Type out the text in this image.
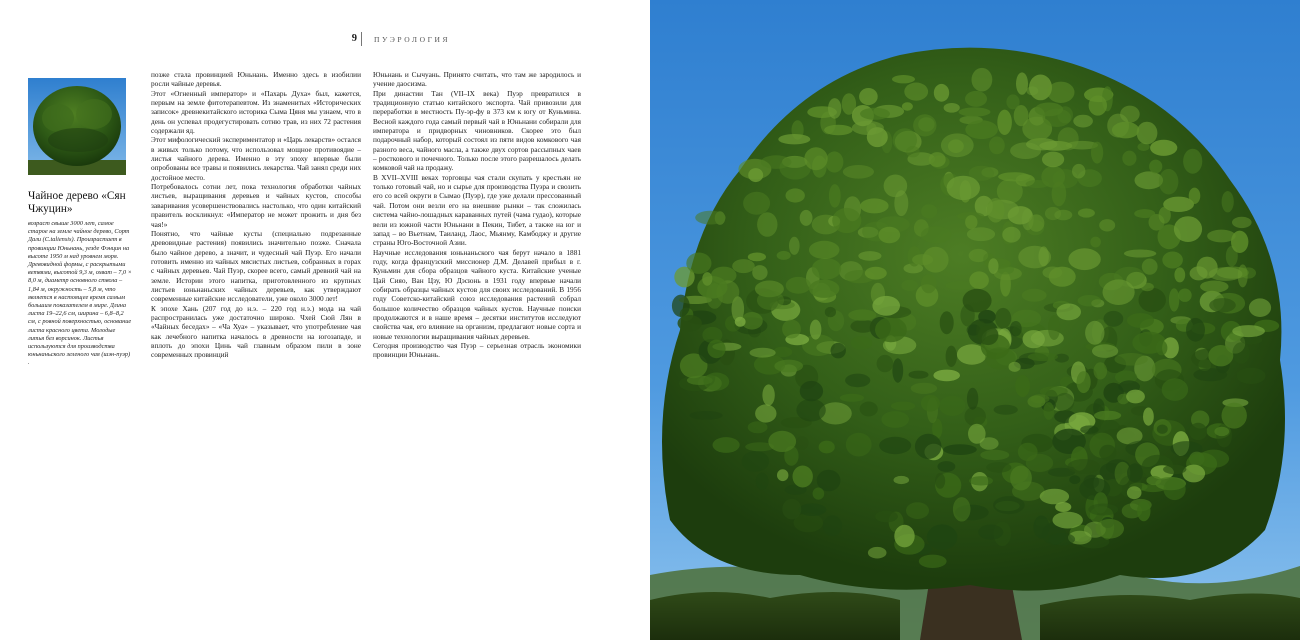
9 ПУЭРОЛОГИЯ
Чайное дерево «Сян Чжуцин»
возраст свыше 3000 лет, самое старое на земле чайное дерево, Сорт Дали (C.taliensis). Произрастает в провинции Юньнань, уезде Фэнцин на высоте 1950 м над уровнем моря. Древовидной формы, с раскрытыми ветвями, высотой 9,3 м, охват – 7,0 × 8,0 м, диаметр основного ствола – 1,84 м, окружность – 5,8 м, что является в настоящее время самым большим показателем в мире. Длина листа 19–22,6 см, ширина – 6,8–8,2 см, с ровной поверхностью, основание листа красного цвета. Молодые литья без ворсинок. Листья используются для производства юньнаньского зеленого чая (шэн-пуэр) .

позже стала провинцией Юньнань. Именно здесь в изобилии росли чайные деревья.

Этот «Огненный император» и «Пахарь Духа» был, кажется, первым на земле фитотерапевтом. Из знаменитых «Исторических записок» древнекитайского историка Сыма Цяня мы узнаем, что в день он успевал продегустировать сотню трав, из них 72 растения содержали яд.

Этот мифологический экспериментатор и «Царь лекарств» остался в живых только потому, что использовал мощное противоядие – листья чайного дерева. Именно в эту эпоху впервые были опробованы все травы и появились лекарства. Чай занял среди них достойное место.

Потребовалось сотни лет, пока технология обработки чайных листьев, выращивания деревьев и чайных кустов, способы заваривания усовершенствовались настолько, что один китайский правитель воскликнул: «Император не может прожить и дня без чая!»

Понятно, что чайные кусты (специально подрезанные древовидные растения) появились значительно позже. Сначала было чайное дерево, а значит, и чудесный чай Пуэр. Его начали готовить именно из чайных мясистых листьев, собранных в горах с чайных деревьев. Чай Пуэр, скорее всего, самый древний чай на земле. Истории этого напитка, приготовленного из крупных листьев юньнаньских чайных деревьев, как утверждают современные китайские исследователи, уже около 3000 лет!

К эпохе Хань (207 год до н.э. – 220 год н.э.) мода на чай распространилась уже достаточно широко. Чхей Сюй Лян в «Чайных беседах» – «Ча Хуа» – указывает, что употребление чая как лечебного напитка началось в древности на югозападе, и вплоть до эпохи Цинь чай главным образом пили в зоне современных провинций

Юньнань и Сычуань. Принято считать, что там же зародилось и учение даосизма.

При династии Тан (VII–IX века) Пуэр превратился в традиционную статью китайского экспорта. Чай привозили для переработки в местность Пу-эр-фу в 373 км к югу от Куньмина. Весной каждого года самый первый чай в Юньнани собирали для императора и придворных чиновников. Скорее это был подарочный набор, который состоял из пяти видов комкового чая разного веса, чайного масла, а также двух сортов рассыпных чаев – росткового и почечного. Только после этого разрешалось делать комковой чай на продажу.

В XVII–XVIII веках торговцы чая стали скупать у крестьян не только готовый чай, но и сырье для производства Пуэра и свозить его со всей округи в Сымао (Пуэр), где уже делали прессованный чай. Потом они везли его на внешние рынки – так сложилась система чайно-лошадных караванных путей (чама гудао), которые вели из южной части Юньнани в Пекин, Тибет, а также на юг и запад – во Вьетнам, Таиланд, Лаос, Мьянму, Камбоджу и другие страны Юго-Восточной Азии.

Научные исследования юньнаньского чая берут начало в 1881 году, когда французский миссионер Д.М. Делавей прибыл в г. Куньмин для сбора образцов чайного куста. Китайские ученые Цай Сияо, Ван Цзу, Ю Дэсюнь в 1931 году впервые начали собирать образцы чайных кустов для своих исследований. В 1956 году Советско-китайский союз исследования растений собрал большое количество образцов чайных кустов. Научные поиски продолжаются и в наше время – десятки институтов исследуют свойства чая, его влияние на организм, предлагают новые сорта и новые технологии выращивания чайных деревьев.

Сегодня производство чая Пуэр – серьезная отрасль экономики провинции Юньнань.
